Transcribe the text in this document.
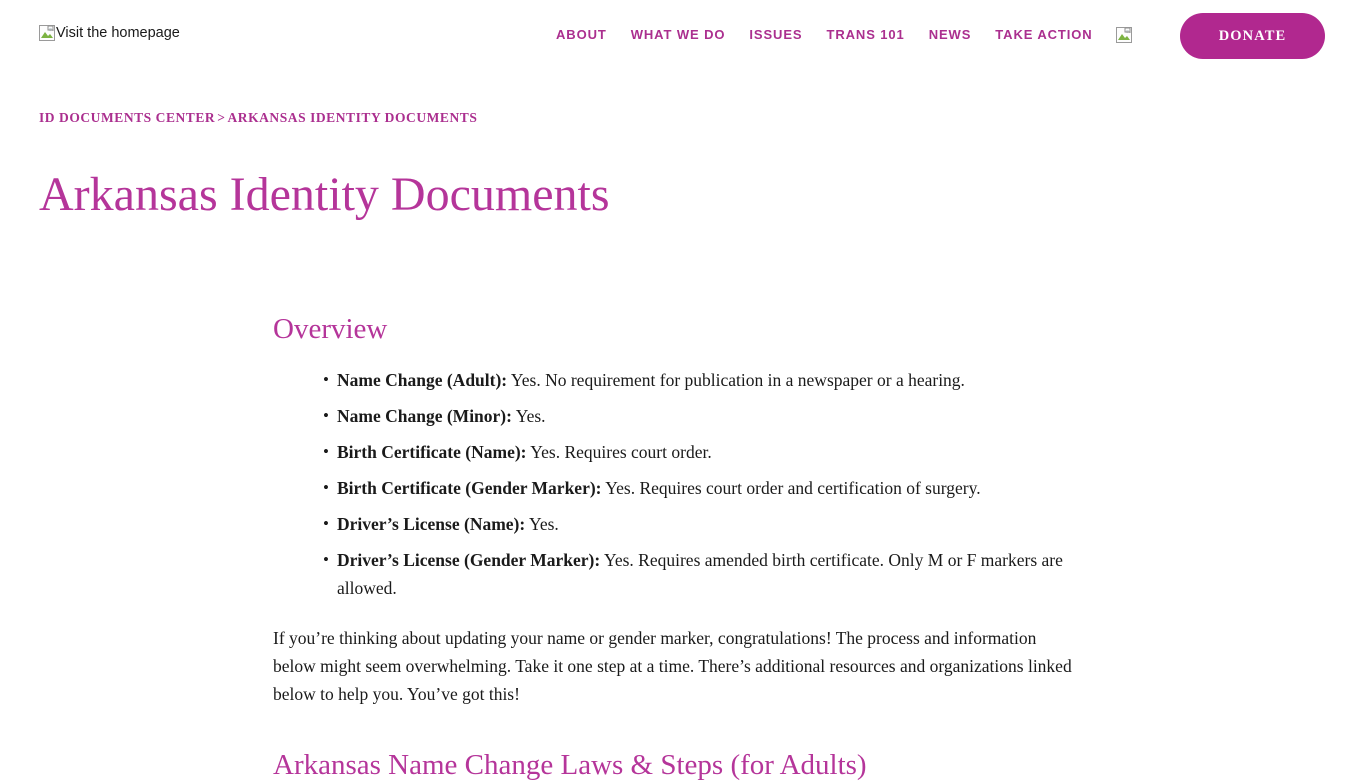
Visit the homepage	ABOUT	WHAT WE DO	ISSUES	TRANS 101	NEWS	TAKE ACTION	DONATE
ID DOCUMENTS CENTER > ARKANSAS IDENTITY DOCUMENTS
Arkansas Identity Documents
Overview
• Name Change (Adult): Yes. No requirement for publication in a newspaper or a hearing.
• Name Change (Minor): Yes.
• Birth Certificate (Name): Yes. Requires court order.
• Birth Certificate (Gender Marker): Yes. Requires court order and certification of surgery.
• Driver’s License (Name): Yes.
• Driver’s License (Gender Marker): Yes. Requires amended birth certificate. Only M or F markers are allowed.

If you’re thinking about updating your name or gender marker, congratulations! The process and information below might seem overwhelming. Take it one step at a time. There’s additional resources and organizations linked below to help you. You’ve got this!

Arkansas Name Change Laws & Steps (for Adults)
